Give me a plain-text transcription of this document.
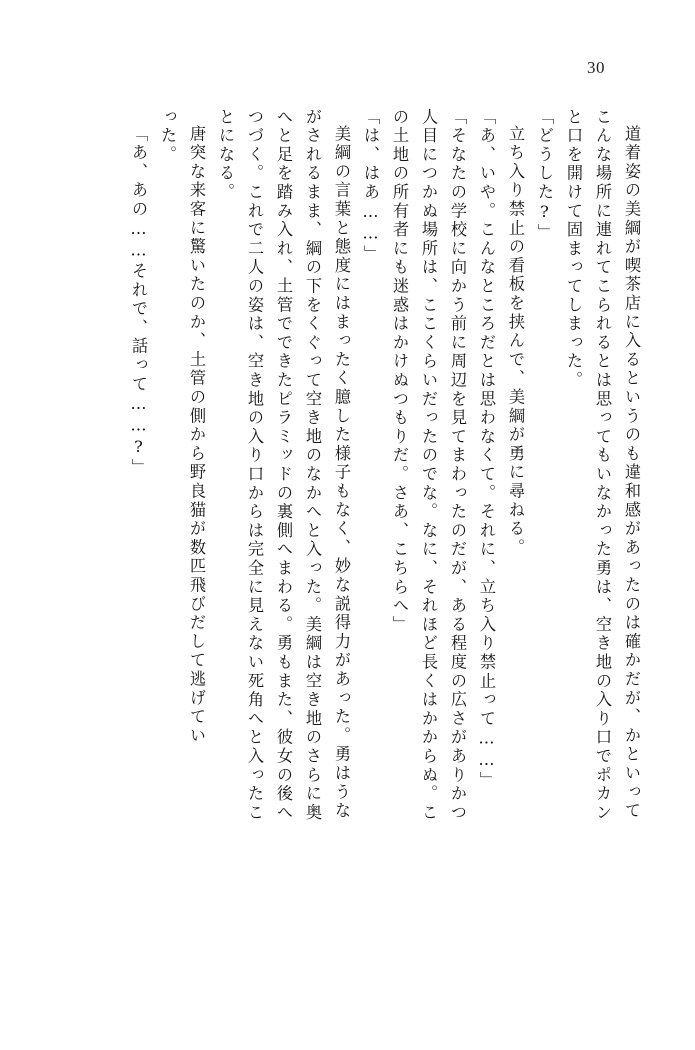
30
道着姿の美綱が喫茶店に入るというのも違和感があったのは確かだが、かといって
こんな場所に連れてこられるとは思ってもいなかった勇は、空き地の入り口でポカン
と口を開けて固まってしまった。
「どうした?」
立ち入り禁止の看板を挟んで、美綱が勇に尋ねる。
「あ、いや。こんなところだとは思わなくて。それに、立ち入り禁止って……」
「そなたの学校に向かう前に周辺を見てまわったのだが、ある程度の広さがありかつ
人目につかぬ場所は、ここくらいだったのでな。なに、それほど長くはかからぬ。こ
の土地の所有者にも迷惑はかけぬつもりだ。さあ、こちらへ」
「は、はあ……」
美綱の言葉と態度にはまったく臆した様子もなく、妙な説得力があった。勇はうな
がされるまま、綱の下をくぐって空き地のなかへと入った。美綱は空き地のさらに奥
へと足を踏み入れ、土管でできたピラミッドの裏側へまわる。勇もまた、彼女の後へ
つづく。これで二人の姿は、空き地の入り口からは完全に見えない死角へと入ったこ
とになる。
唐突な来客に驚いたのか、土管の側から野良猫が数匹飛びだして逃げてい
った。
「あ、あの……それで、話って……?」
